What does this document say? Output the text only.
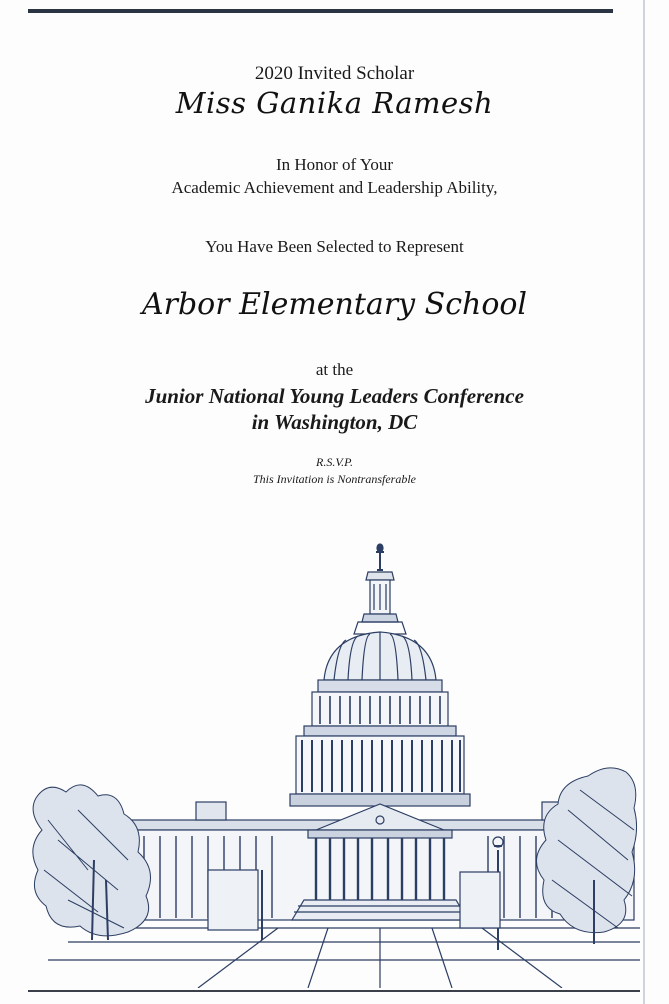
2020 Invited Scholar
Miss Ganika Ramesh
In Honor of Your
Academic Achievement and Leadership Ability,
You Have Been Selected to Represent
Arbor Elementary School
at the
Junior National Young Leaders Conference
in Washington, DC
R.S.V.P.
This Invitation is Nontransferable
